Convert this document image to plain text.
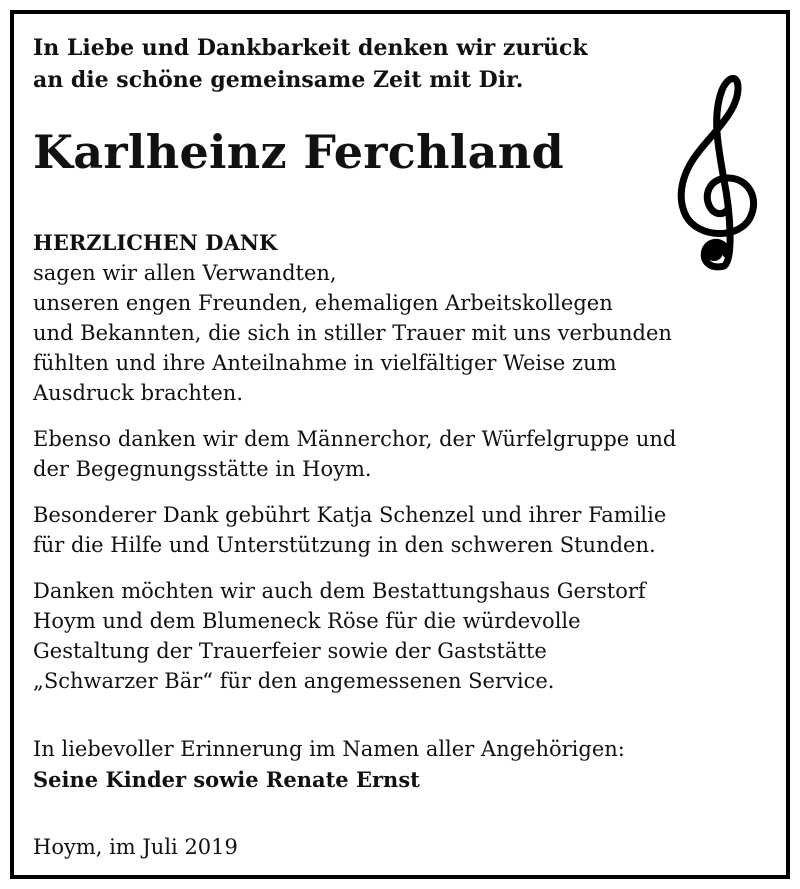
In Liebe und Dankbarkeit denken wir zurück
an die schöne gemeinsame Zeit mit Dir.

Karlheinz Ferchland

HERZLICHEN DANK

sagen wir allen Verwandten,
unseren engen Freunden, ehemaligen Arbeitskollegen
und Bekannten, die sich in stiller Trauer mit uns verbunden
fühlten und ihre Anteilnahme in vielfältiger Weise zum
Ausdruck brachten.

Ebenso danken wir dem Männerchor, der Würfelgruppe und
der Begegnungsstätte in Hoym.

Besonderer Dank gebührt Katja Schenzel und ihrer Familie
für die Hilfe und Unterstützung in den schweren Stunden.

Danken möchten wir auch dem Bestattungshaus Gerstorf
Hoym und dem Blumeneck Röse für die würdevolle
Gestaltung der Trauerfeier sowie der Gaststätte
„Schwarzer Bär“ für den angemessenen Service.

In liebevoller Erinnerung im Namen aller Angehörigen:

Seine Kinder sowie Renate Ernst

Hoym, im Juli 2019
